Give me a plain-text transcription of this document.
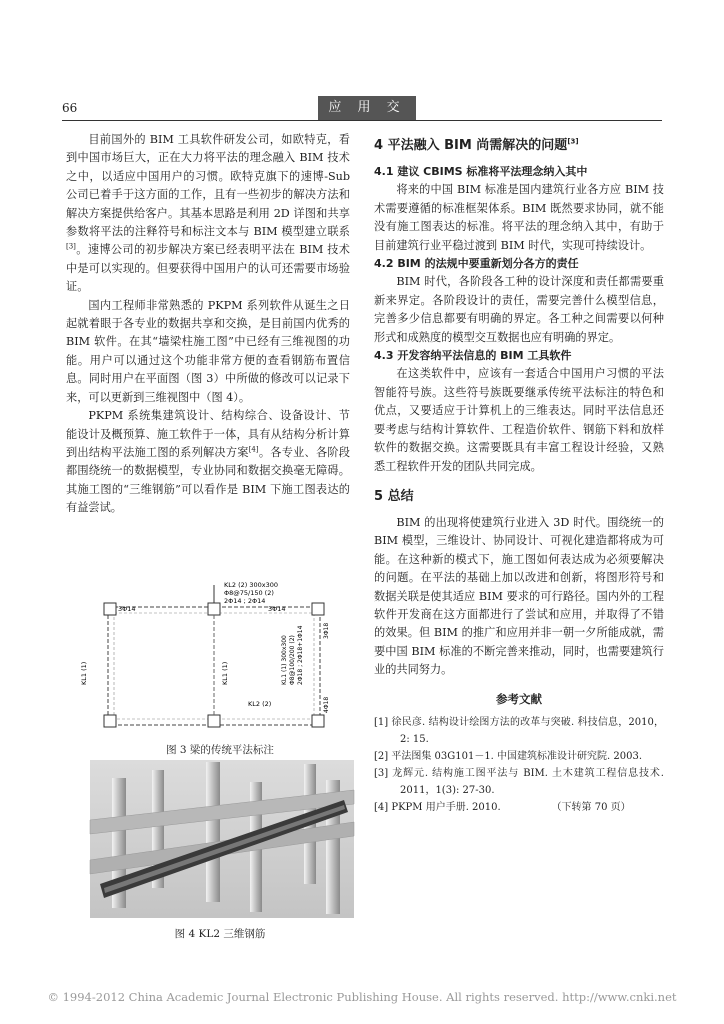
66	应 用 交 流

目前国外的 BIM 工具软件研发公司，如欧特克，看到中国市场巨大，正在大力将平法的理念融入 BIM 技术之中，以适应中国用户的习惯。欧特克旗下的速博-Sub 公司已着手于这方面的工作，且有一些初步的解决方法和解决方案提供给客户。其基本思路是利用 2D 详图和共享参数将平法的注释符号和标注文本与 BIM 模型建立联系[3]。速博公司的初步解决方案已经表明平法在 BIM 技术中是可以实现的。但要获得中国用户的认可还需要市场验证。

国内工程师非常熟悉的 PKPM 系列软件从诞生之日起就着眼于各专业的数据共享和交换，是目前国内优秀的 BIM 软件。在其“墙梁柱施工图”中已经有三维视图的功能。用户可以通过这个功能非常方便的查看钢筋布置信息。同时用户在平面图（图 3）中所做的修改可以记录下来，可以更新到三维视图中（图 4）。

PKPM 系统集建筑设计、结构综合、设备设计、节能设计及概预算、施工软件于一体，具有从结构分析计算到出结构平法施工图的系列解决方案[4]。各专业、各阶段都围绕统一的数据模型，专业协同和数据交换毫无障碍。其施工图的“三维钢筋”可以看作是 BIM 下施工图表达的有益尝试。

KL2 (2) 300x300
Φ8@75/150 (2)
2Φ14 ; 2Φ14
3Φ14	3Φ14
KL1 (1)	KL1 (1)
KL2 (2)
KL1 (1) 300x300 Φ8@100/200 (2) 2Φ18 ; 2Φ18+1Φ14	3Φ18
4Φ18
图 3 梁的传统平法标注
图 4 KL2 三维钢筋
4 平法融入 BIM 尚需解决的问题[3]
4.1 建议 CBIMS 标准将平法理念纳入其中

将来的中国 BIM 标准是国内建筑行业各方应 BIM 技术需要遵循的标准框架体系。BIM 既然要求协同，就不能没有施工图表达的标准。将平法的理念纳入其中，有助于目前建筑行业平稳过渡到 BIM 时代，实现可持续设计。

4.2 BIM 的法规中要重新划分各方的责任

BIM 时代，各阶段各工种的设计深度和责任都需要重新来界定。各阶段设计的责任，需要完善什么模型信息，完善多少信息都要有明确的界定。各工种之间需要以何种形式和成熟度的模型交互数据也应有明确的界定。

4.3 开发容纳平法信息的 BIM 工具软件

在这类软件中，应该有一套适合中国用户习惯的平法智能符号族。这些符号族既要继承传统平法标注的特色和优点，又要适应于计算机上的三维表达。同时平法信息还要考虑与结构计算软件、工程造价软件、钢筋下料和放样软件的数据交换。这需要既具有丰富工程设计经验，又熟悉工程软件开发的团队共同完成。

5 总结

BIM 的出现将使建筑行业进入 3D 时代。围绕统一的 BIM 模型，三维设计、协同设计、可视化建造都将成为可能。在这种新的模式下，施工图如何表达成为必须要解决的问题。在平法的基础上加以改进和创新，将图形符号和数据关联是使其适应 BIM 要求的可行路径。国内外的工程软件开发商在这方面都进行了尝试和应用，并取得了不错的效果。但 BIM 的推广和应用并非一朝一夕所能成就，需要中国 BIM 标准的不断完善来推动，同时，也需要建筑行业的共同努力。

参考文献

[1] 徐民彦. 结构设计绘图方法的改革与突破. 科技信息，2010，2: 15.

[2] 平法图集 03G101－1. 中国建筑标准设计研究院. 2003.

[3] 龙辉元. 结构施工图平法与 BIM. 土木建筑工程信息技术. 2011，1(3): 27-30.

[4] PKPM 用户手册. 2010.                （下转第 70 页）

© 1994-2012 China Academic Journal Electronic Publishing House. All rights reserved. http://www.cnki.net
